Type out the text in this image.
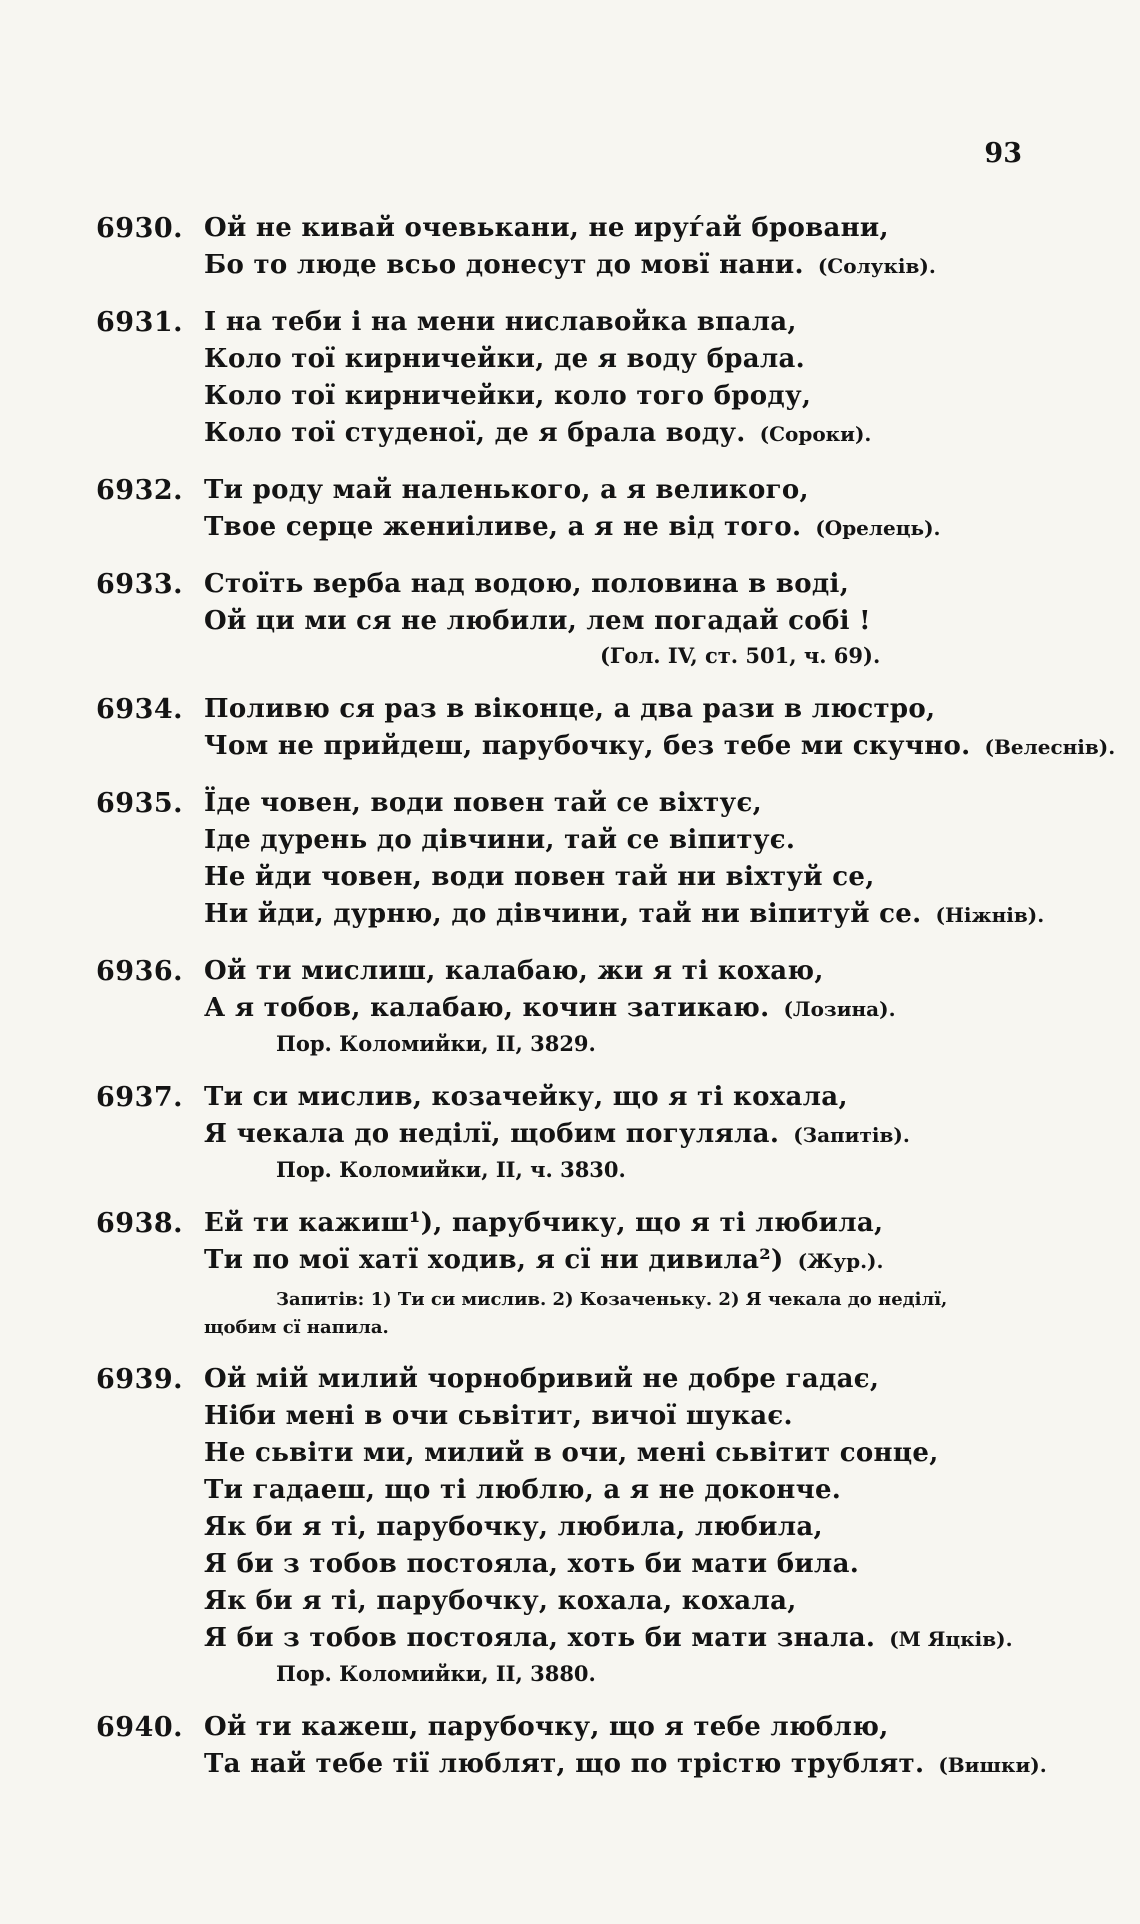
93
6930. Ой не кивай очевькани, не ируѓай бровани,
Бо то люде всьо донесут до мовї нани. (Солуків).
6931. І на теби і на мени ниславойка впала,
Коло тої кирничейки, де я воду брала.
Коло тої кирничейки, коло того броду,
Коло тої студеної, де я брала воду. (Сороки).
6932. Ти роду май наленького, а я великого,
Твое серце жениіливе, а я не від того. (Орелець).
6933. Стоїть верба над водою, половина в воді,
Ой ци ми ся не любили, лем погадай собі !
(Гол. IV, ст. 501, ч. 69).
6934. Поливю ся раз в віконце, а два рази в люстро,
Чом не прийдеш, парубочку, без тебе ми скучно. (Велеснів).
6935. Їде човен, води повен тай се віхтує,
Іде дурень до дівчини, тай се віпитує.
Не йди човен, води повен тай ни віхтуй се,
Ни йди, дурню, до дівчини, тай ни віпитуй се. (Ніжнів).
6936. Ой ти мислиш, калабаю, жи я ті кохаю,
А я тобов, калабаю, кочин затикаю. (Лозина).
Пор. Коломийки, II, 3829.
6937. Ти си мислив, козачейку, що я ті кохала,
Я чекала до неділї, щобим погуляла. (Запитів).
Пор. Коломийки, II, ч. 3830.
6938. Ей ти кажиш¹), парубчику, що я ті любила,
Ти по мої хатї ходив, я сї ни дивила²) (Жур.).
Запитів: 1) Ти си мислив. 2) Козаченьку. 2) Я чекала до неділї,
щобим сї напила.
6939. Ой мій милий чорнобривий не добре гадає,
Ніби мені в очи сьвітит, вичої шукає.
Не сьвіти ми, милий в очи, мені сьвітит сонце,
Ти гадаеш, що ті люблю, а я не доконче.
Як би я ті, парубочку, любила, любила,
Я би з тобов постояла, хоть би мати била.
Як би я ті, парубочку, кохала, кохала,
Я би з тобов постояла, хоть би мати знала. (М Яцків).
Пор. Коломийки, II, 3880.
6940. Ой ти кажеш, парубочку, що я тебе люблю,
Та най тебе тії люблят, що по трістю трублят. (Вишки).
